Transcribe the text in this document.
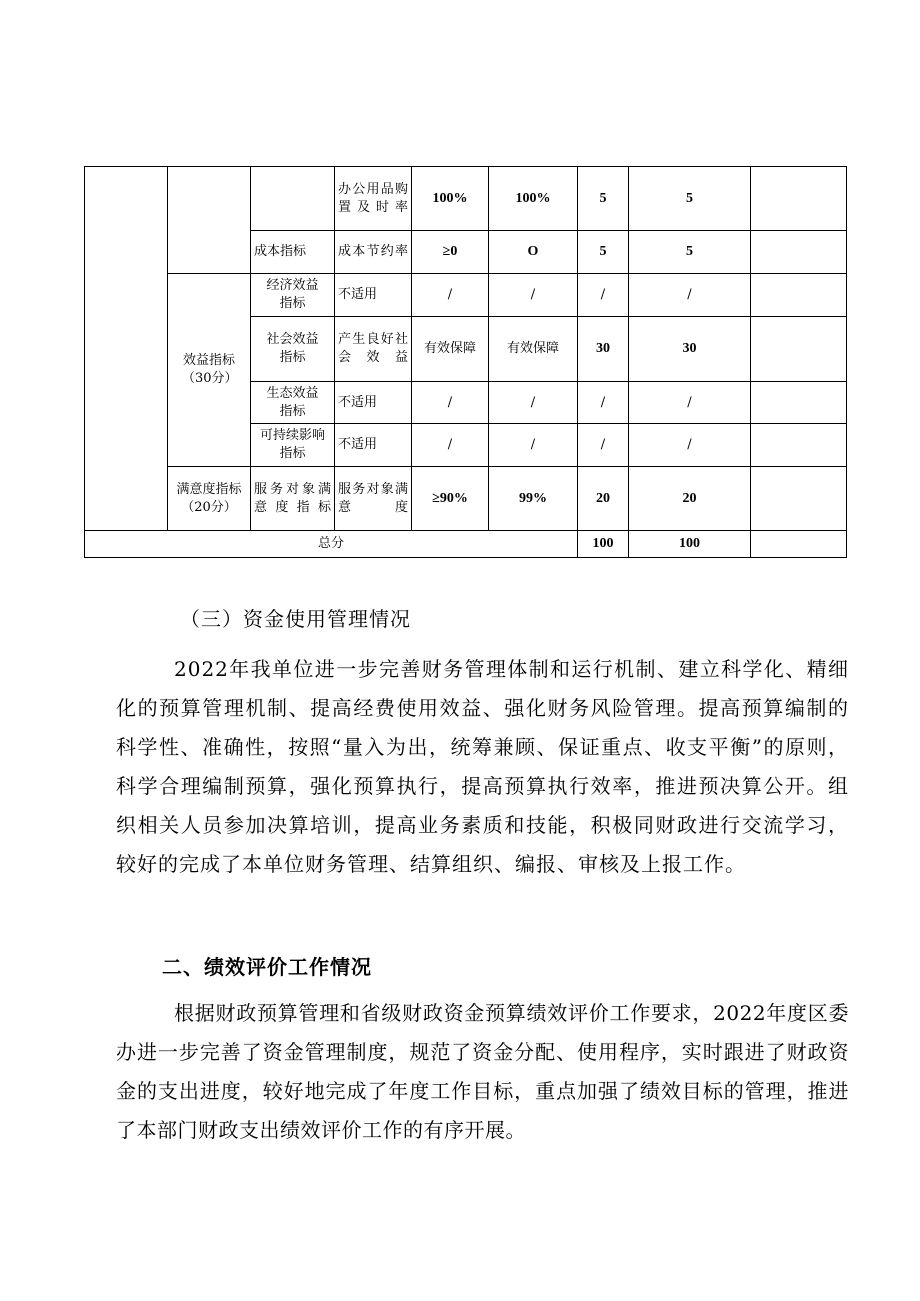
			办公用品购置及时率	100%	100%	5	5	
		成本指标	成本节约率	≥0	O	5	5	
	效益指标（30分）	经济效益指标	不适用	/	/	/	/	
		社会效益指标	产生良好社会效益	有效保障	有效保障	30	30	
		生态效益指标	不适用	/	/	/	/	
		可持续影响指标	不适用	/	/	/	/	
	满意度指标（20分）	服务对象满意度指标	服务对象满意度	≥90%	99%	20	20	
总分						100	100	
（三）资金使用管理情况

2022年我单位进一步完善财务管理体制和运行机制、建立科学化、精细化的预算管理机制、提高经费使用效益、强化财务风险管理。提高预算编制的科学性、准确性，按照“量入为出，统筹兼顾、保证重点、收支平衡”的原则，科学合理编制预算，强化预算执行，提高预算执行效率，推进预决算公开。组织相关人员参加决算培训，提高业务素质和技能，积极同财政进行交流学习，较好的完成了本单位财务管理、结算组织、编报、审核及上报工作。

二、绩效评价工作情况

根据财政预算管理和省级财政资金预算绩效评价工作要求，2022年度区委办进一步完善了资金管理制度，规范了资金分配、使用程序，实时跟进了财政资金的支出进度，较好地完成了年度工作目标，重点加强了绩效目标的管理，推进了本部门财政支出绩效评价工作的有序开展。
